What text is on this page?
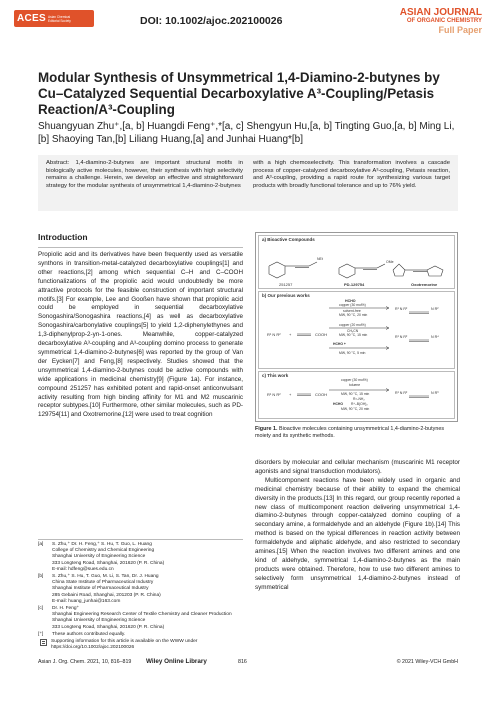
ACES Asian Chemical
Editorial Society	DOI: 10.1002/ajoc.202100026
ASIAN JOURNAL
OF ORGANIC CHEMISTRY
Full Paper
Modular Synthesis of Unsymmetrical 1,4-Diamino-2-butynes by Cu–Catalyzed Sequential Decarboxylative A³-Coupling/Petasis Reaction/A³-Coupling
Shuangyuan Zhu⁺,[a, b] Huangdi Feng⁺,*[a, c] Shengyun Hu,[a, b] Tingting Guo,[a, b] Ming Li,[b] Shaoying Tan,[b] Liliang Huang,[a] and Junhai Huang*[b]
Abstract: 1,4-diamino-2-butynes are important structural motifs in biologically active molecules, however, their synthesis with high selectivity remains a challenge. Herein, we develop an effective and straightforward strategy for the modular synthesis of unsymmetrical 1,4-diamino-2-butynes
with a high chemoselectivity. This transformation involves a cascade process of copper-catalyzed decarboxylative A³-coupling, Petasis reaction, and A³-coupling, providing a rapid route for synthesizing various target products with broadly functional tolerance and up to 76% yield.
Introduction

Propiolic acid and its derivatives have been frequently used as versatile synthons in transition-metal-catalyzed decarboxylative couplings[1] and other reactions,[2] among which sequential C–H and C–COOH functionalizations of the propiolic acid would undoubtedly be more attractive protocols for the feasible construction of important structural motifs.[3] For example, Lee and Gooßen have shown that propiolic acid could be employed in sequential decarboxylative Sonogashira/Sonogashira reactions,[4] as well as decarboxylative Sonogashira/carbonylative couplings[5] to yield 1,2-diphenylethynes and 1,3-diphenylprop-2-yn-1-ones. Meanwhile, copper-catalyzed decarboxylative A³-coupling and A³-coupling domino process to generate symmetrical 1,4-diamino-2-butynes[6] was reported by the group of Van der Eycken[7] and Feng,[8] respectively. Studies showed that the unsymmetrical 1,4-diamino-2-butynes could be active compounds with wide applications in medicinal chemistry[9] (Figure 1a). For instance, compound 251257 has exhibited potent and rapid-onset anticonvulsant activity resulting from high binding affinity for M1 and M2 muscarinic receptor subtypes.[10] Furthermore, other similar molecules, such as PD-129754[11] and Oxotremorine,[12] were used to treat cognition

a) Bioactive Compounds
NEt
OMe
251257	PD-129754	Oxotremorine
b) Our previous works
R¹ N R² +	COOH
HCHO
copper (30 mol%)
solvent-free
MW, 90 °C, 20 min
copper (20 mol%)
CH₃CN
MW, 90 °C, 15 min
HCHO +
MW, 90 °C, 5 min
R¹ N R²	N R²
R¹ N R²	N R⁴
c) This work
R¹ N R² +	COOH
copper (30 mol%)
toluene
MW, 90 °C, 15 min
R³–NH₂
R⁴–B(OH)₂
HCHO
MW, 90 °C, 20 min
R¹ N R²	N R³
Figure 1. Bioactive molecules containing unsymmetrical 1,4-diamino-2-butynes moiety and its synthetic methods.

disorders by molecular and cellular mechanism (muscarinic M1 receptor agonists and signal transduction modulators).

Multicomponent reactions have been widely used in organic and medicinal chemistry because of their ability to expand the chemical diversity in the products.[13] In this regard, our group recently reported a new class of multicomponent reaction delivering unsymmetrical 1,4-diamino-2-butynes through copper-catalyzed domino coupling of a secondary amine, a formaldehyde and an aldehyde (Figure 1b).[14] This method is based on the typical differences in reaction activity between formaldehyde and aliphatic aldehyde, and also restricted to secondary amines.[15] When the reaction involves two different amines and one kind of aldehyde, symmetrical 1,4-diamino-2-butynes as the main products were obtained. Therefore, how to use two different amines to selectively form unsymmetrical 1,4-diamino-2-butynes instead of symmetrical

[a]	S. Zhu,⁺ Dr. H. Feng,⁺ S. Hu, T. Guo, L. Huang
College of Chemistry and Chemical Engineering
Shanghai University of Engineering Science
333 Longteng Road, Shanghai, 201620 (P. R. China)
E-mail: hdfeng@sues.edu.cn
[b]	S. Zhu,⁺ S. Hu, T. Guo, M. Li, S. Tan, Dr. J. Huang
China State Institute of Pharmaceutical Industry
Shanghai Institute of Pharmaceutical Industry
285 Gebaini Road, Shanghai, 201203 (P. R. China)
E-mail: huang_junhai@163.com
[c]	Dr. H. Feng⁺
Shanghai Engineering Research Center of Textile Chemistry and Cleaner Production
Shanghai University of Engineering Science
333 Longteng Road, Shanghai, 201620 (P. R. China)
[⁺]	These authors contributed equally.
Supporting information for this article is available on the WWW under https://doi.org/10.1002/ajoc.202100026
Asian J. Org. Chem. 2021, 10, 816–819 Wiley Online Library	816	© 2021 Wiley-VCH GmbH
